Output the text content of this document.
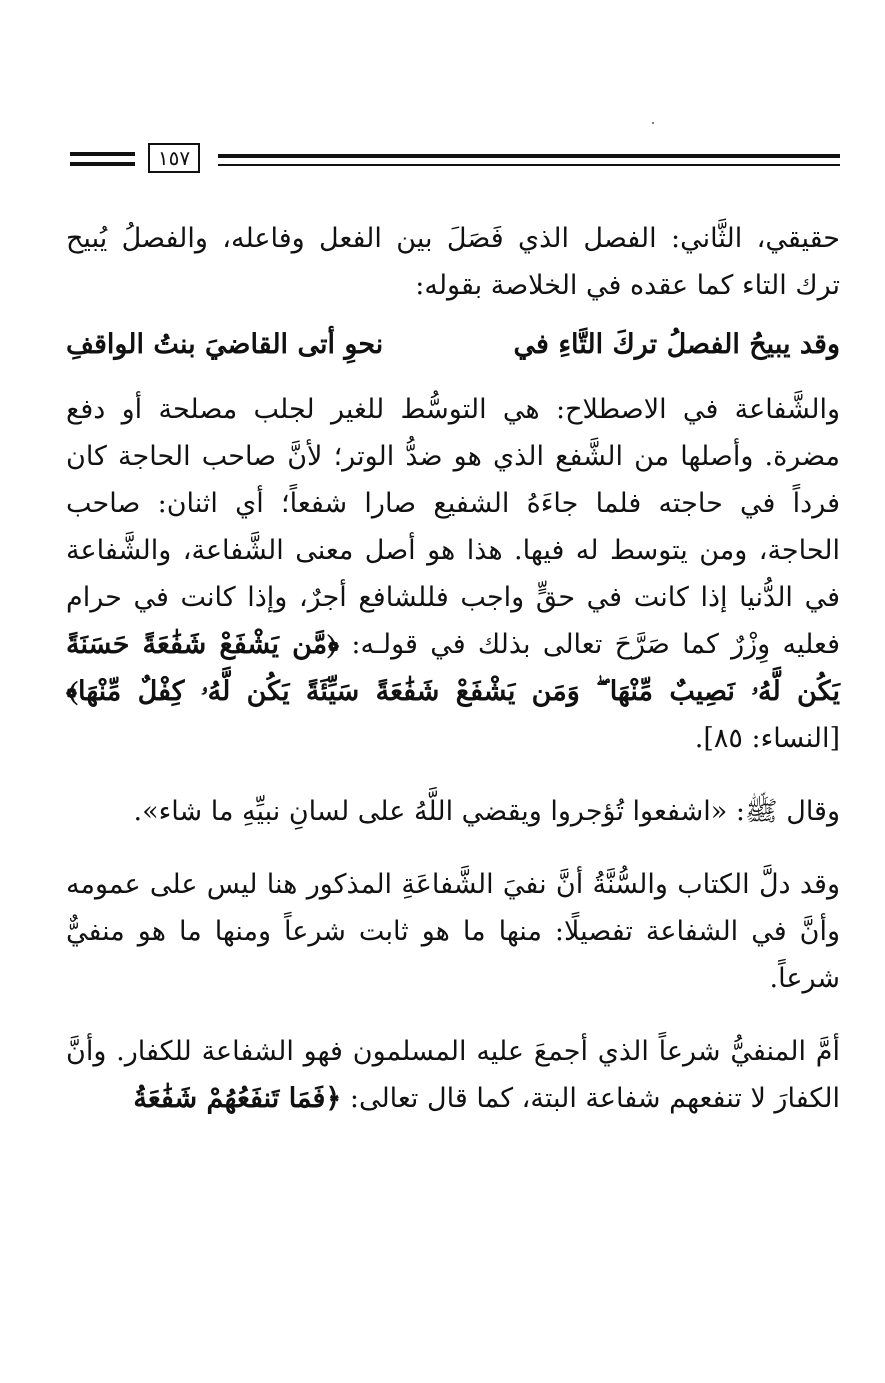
١٥٧

حقيقي، الثَّاني: الفصل الذي فَصَلَ بين الفعل وفاعله، والفصلُ يُبيح ترك التاء كما عقده في الخلاصة بقوله:

وقد يبيحُ الفصلُ تركَ التَّاءِ في
نحوِ أتى القاضيَ بنتُ الواقفِ

والشَّفاعة في الاصطلاح: هي التوسُّط للغير لجلب مصلحة أو دفع مضرة. وأصلها من الشَّفع الذي هو ضدُّ الوتر؛ لأنَّ صاحب الحاجة كان فرداً في حاجته فلما جاءَهُ الشفيع صارا شفعاً؛ أي اثنان: صاحب الحاجة، ومن يتوسط له فيها. هذا هو أصل معنى الشَّفاعة، والشَّفاعة في الدُّنيا إذا كانت في حقٍّ واجب فللشافع أجرٌ، وإذا كانت في حرام فعليه وِزْرٌ كما صَرَّحَ تعالى بذلك في قولـه: ﴿مَّن يَشْفَعْ شَفَٰعَةً حَسَنَةً يَكُن لَّهُۥ نَصِيبٌ مِّنْهَا ۖ وَمَن يَشْفَعْ شَفَٰعَةً سَيِّئَةً يَكُن لَّهُۥ كِفْلٌ مِّنْهَا﴾ [النساء: ٨٥].

وقال ﷺ: «اشفعوا تُؤجروا ويقضي اللَّهُ على لسانِ نبيِّهِ ما شاء».

وقد دلَّ الكتاب والسُّنَّةُ أنَّ نفيَ الشَّفاعَةِ المذكور هنا ليس على عمومه وأنَّ في الشفاعة تفصيلًا: منها ما هو ثابت شرعاً ومنها ما هو منفيٌّ شرعاً.

أمَّ المنفيُّ شرعاً الذي أجمعَ عليه المسلمون فهو الشفاعة للكفار. وأنَّ الكفارَ لا تنفعهم شفاعة البتة، كما قال تعالى: ﴿فَمَا تَنفَعُهُمْ شَفَٰعَةُ
